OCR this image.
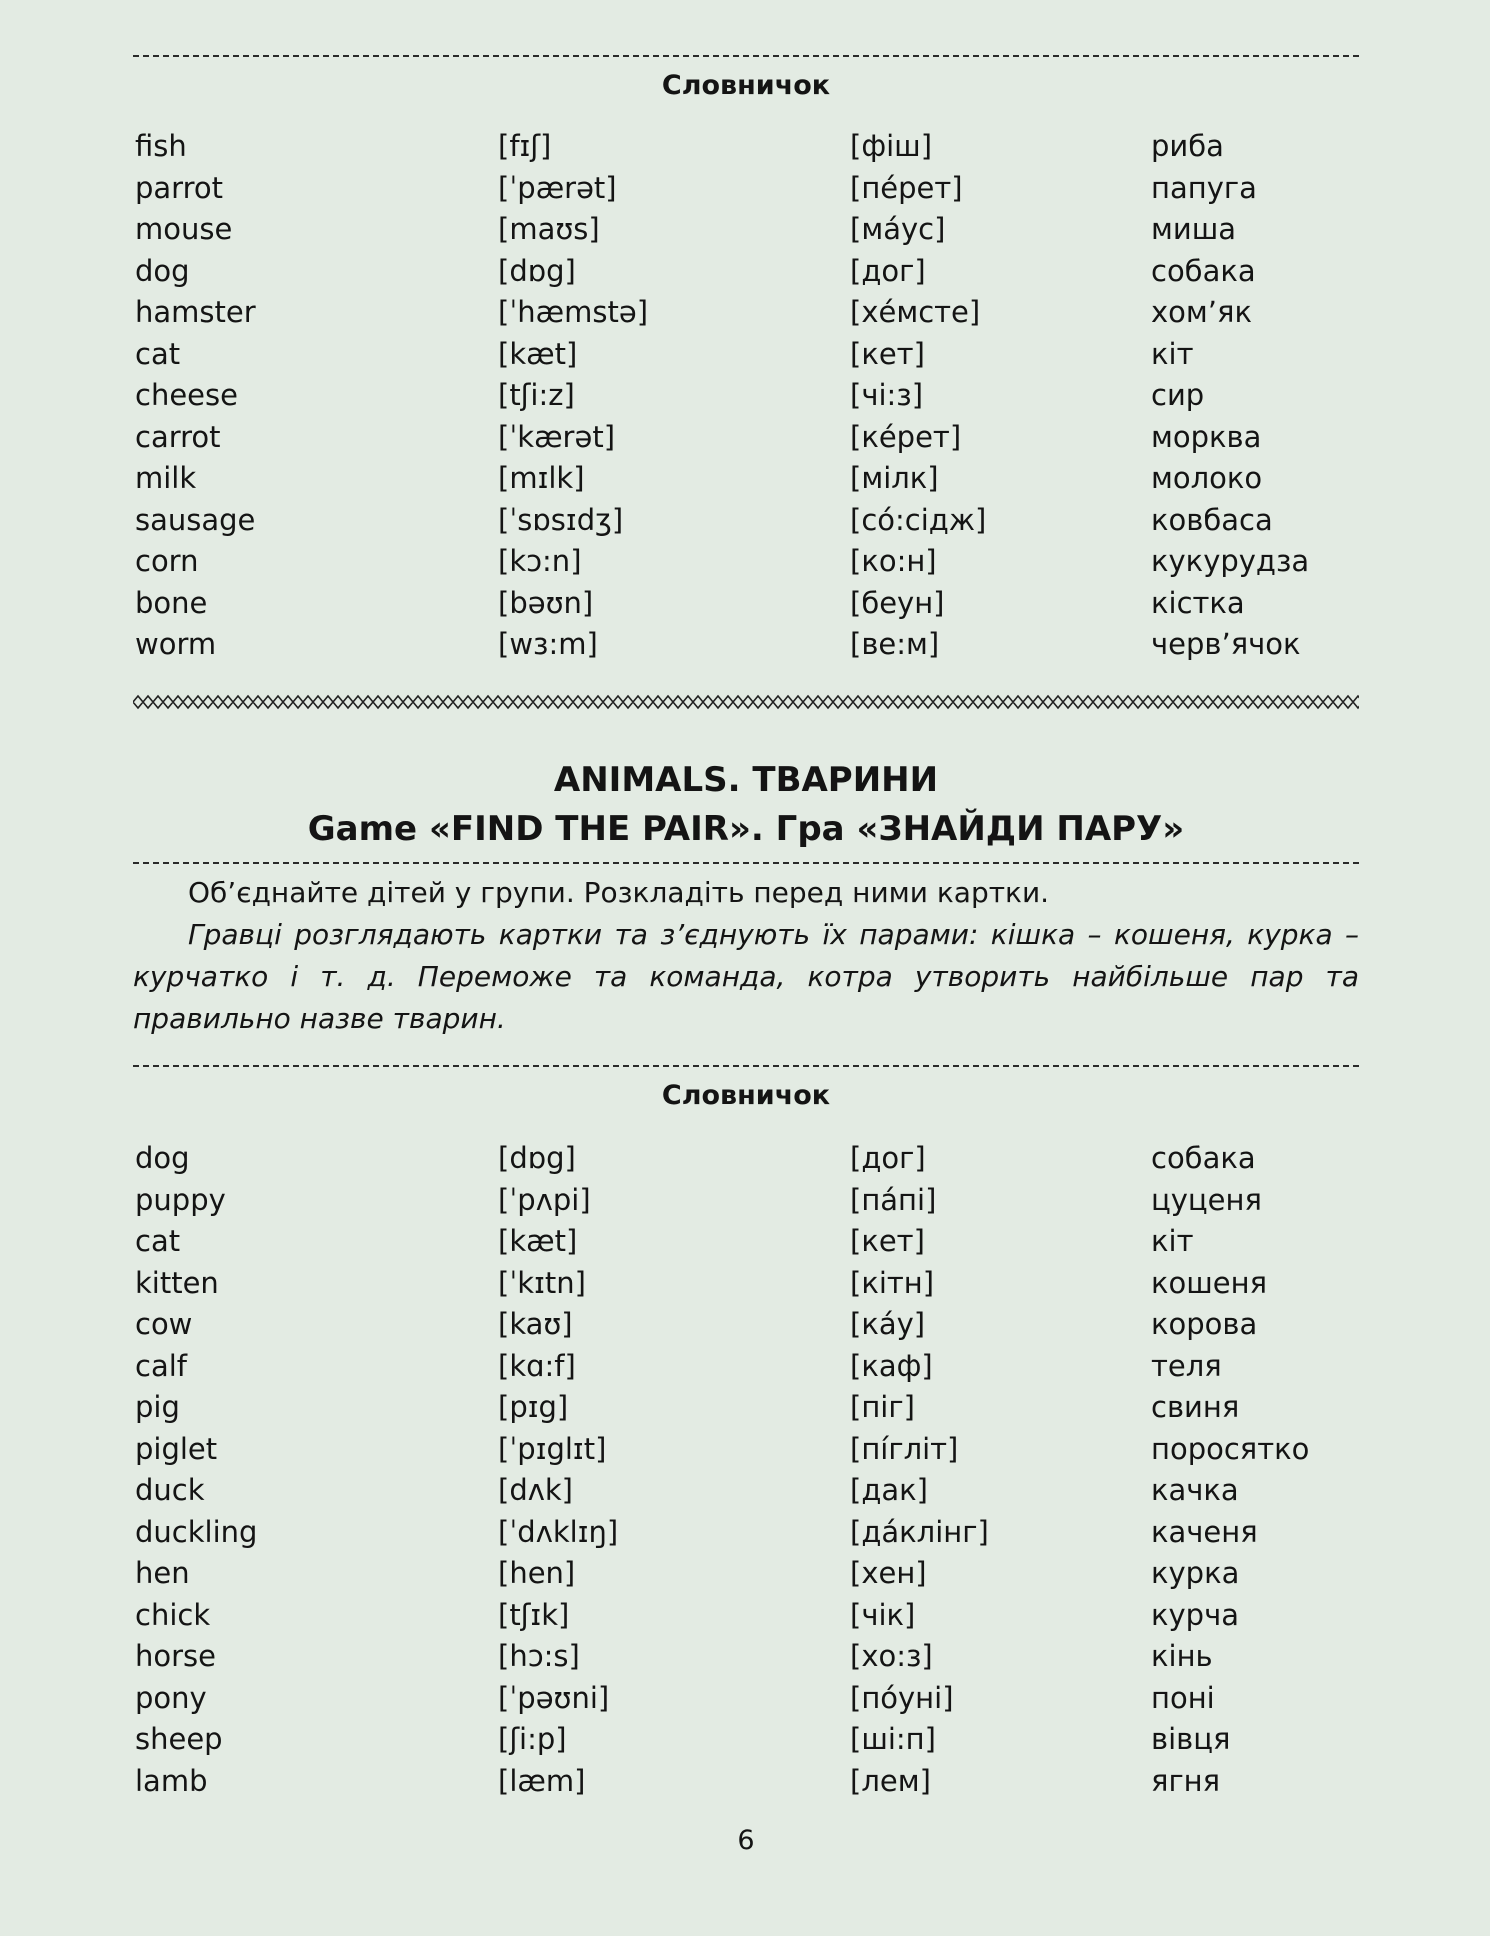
Словничок
fish	[fɪʃ]	[фіш]	риба
parrot	[ˈpærət]	[пéрет]	папуга
mouse	[maʊs]	[мáус]	миша
dog	[dɒg]	[дог]	собака
hamster	[ˈhæmstə]	[хéмсте]	хом’як
cat	[kæt]	[кет]	кіт
cheese	[tʃi:z]	[чі:з]	сир
carrot	[ˈkærət]	[кéрет]	морква
milk	[mɪlk]	[мілк]	молоко
sausage	[ˈsɒsɪdʒ]	[сó:сідж]	ковбаса
corn	[kɔ:n]	[ко:н]	кукурудза
bone	[bəʊn]	[беун]	кістка
worm	[wɜ:m]	[ве:м]	черв’ячок
ANIMALS. ТВАРИНИ
Game «FIND THE PAIR». Гра «ЗНАЙДИ ПАРУ»

Об’єднайте дітей у групи. Розкладіть перед ними картки.

Гравці розглядають картки та з’єднують їх парами: кішка – кошеня, курка – курчатко і т. д. Переможе та команда, котра утворить найбільше пар та правильно назве тварин.

Словничок
dog	[dɒg]	[дог]	собака
puppy	[ˈpʌpi]	[пáпі]	цуценя
cat	[kæt]	[кет]	кіт
kitten	[ˈkɪtn]	[кітн]	кошеня
cow	[kaʊ]	[кáу]	корова
calf	[kɑ:f]	[каф]	теля
pig	[pɪg]	[піг]	свиня
piglet	[ˈpɪglɪt]	[пíгліт]	поросятко
duck	[dʌk]	[дак]	качка
duckling	[ˈdʌklɪŋ]	[дáклінг]	каченя
hen	[hen]	[хен]	курка
chick	[tʃɪk]	[чік]	курча
horse	[hɔ:s]	[хо:з]	кінь
pony	[ˈpəʊni]	[пóуні]	поні
sheep	[ʃi:p]	[ші:п]	вівця
lamb	[læm]	[лем]	ягня
6
